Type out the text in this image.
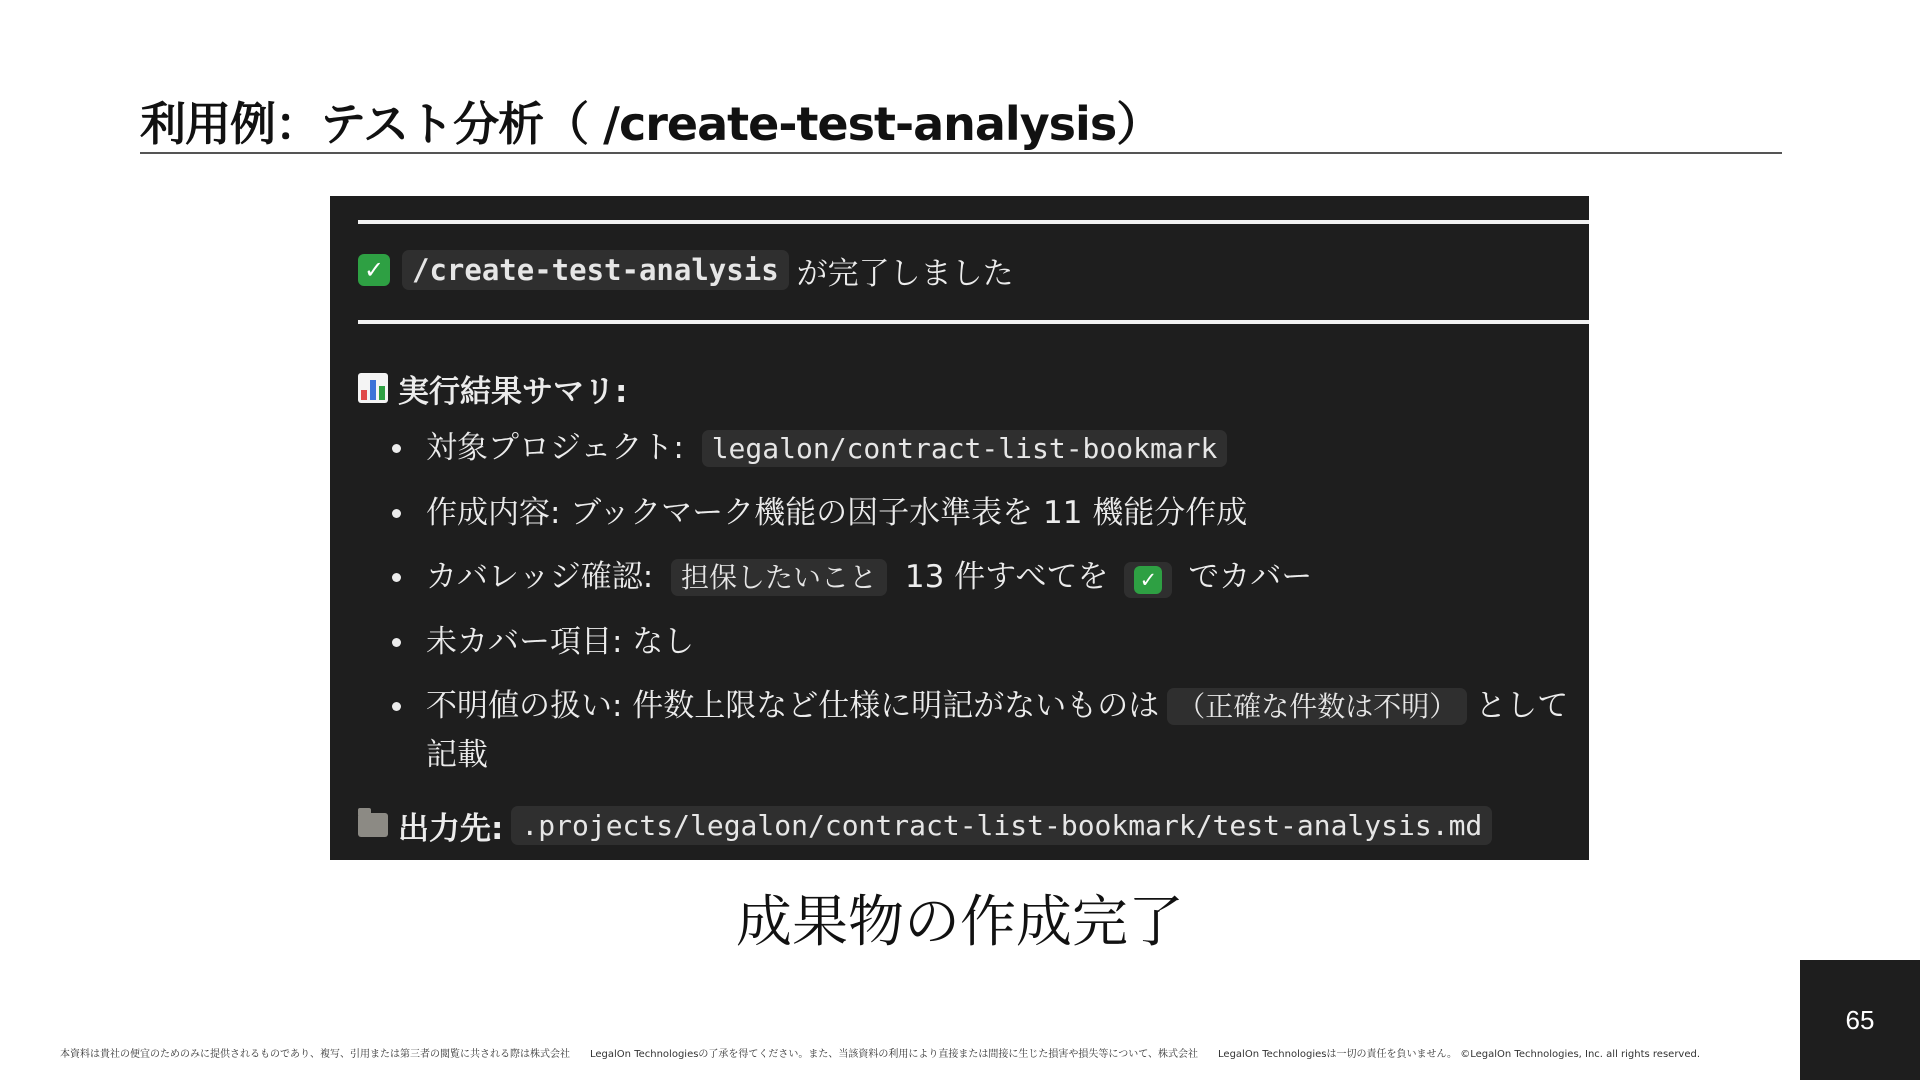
利用例：テスト分析（ /create-test-analysis）
✓ /create-test-analysis が完了しました
実行結果サマリ:
対象プロジェクト: legalon/contract-list-bookmark
作成内容: ブックマーク機能の因子水準表を 11 機能分作成
カバレッジ確認: 担保したいこと 13 件すべてを ✓ でカバー
未カバー項目: なし
不明値の扱い: 件数上限など仕様に明記がないものは （正確な件数は不明） として記載
出力先: .projects/legalon/contract-list-bookmark/test-analysis.md
成果物の作成完了
本資料は貴社の便宜のためのみに提供されるものであり、複写、引用または第三者の閲覧に共される際は株式会社　　LegalOn Technologiesの了承を得てください。また、当該資料の利用により直接または間接に生じた損害や損失等について、株式会社　　LegalOn Technologiesは一切の責任を負いません。 ©LegalOn Technologies, Inc. all rights reserved.
65
